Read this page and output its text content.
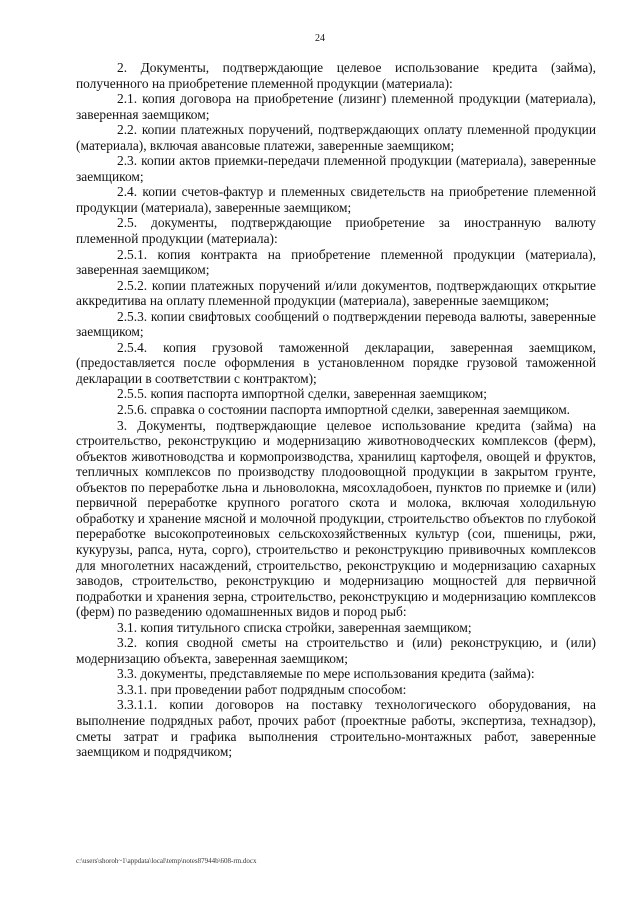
24

2. Документы, подтверждающие целевое использование кредита (займа), полученного на приобретение племенной продукции (материала):

2.1. копия договора на приобретение (лизинг) племенной продукции (материала), заверенная заемщиком;

2.2. копии платежных поручений, подтверждающих оплату племенной продукции (материала), включая авансовые платежи, заверенные заемщиком;

2.3. копии актов приемки-передачи племенной продукции (материала), заверенные заемщиком;

2.4. копии счетов-фактур и племенных свидетельств на приобретение племенной продукции (материала), заверенные заемщиком;

2.5. документы, подтверждающие приобретение за иностранную валюту племенной продукции (материала):

2.5.1. копия контракта на приобретение племенной продукции (материала), заверенная заемщиком;

2.5.2. копии платежных поручений и/или документов, подтверждающих открытие аккредитива на оплату племенной продукции (материала), заверенные заемщиком;

2.5.3. копии свифтовых сообщений о подтверждении перевода валюты, заверенные заемщиком;

2.5.4. копия грузовой таможенной декларации, заверенная заемщиком, (предоставляется после оформления в установленном порядке грузовой таможенной декларации в соответствии с контрактом);

2.5.5. копия паспорта импортной сделки, заверенная заемщиком;

2.5.6. справка о состоянии паспорта импортной сделки, заверенная заемщиком.

3. Документы, подтверждающие целевое использование кредита (займа) на строительство, реконструкцию и модернизацию животноводческих комплексов (ферм), объектов животноводства и кормопроизводства, хранилищ картофеля, овощей и фруктов, тепличных комплексов по производству плодоовощной продукции в закрытом грунте, объектов по переработке льна и льноволокна, мясохладобоен, пунктов по приемке и (или) первичной переработке крупного рогатого скота и молока, включая холодильную обработку и хранение мясной и молочной продукции, строительство объектов по глубокой переработке высокопротеиновых сельскохозяйственных культур (сои, пшеницы, ржи, кукурузы, рапса, нута, сорго), строительство и реконструкцию прививочных комплексов для многолетних насаждений, строительство, реконструкцию и модернизацию сахарных заводов, строительство, реконструкцию и модернизацию мощностей для первичной подработки и хранения зерна, строительство, реконструкцию и модернизацию комплексов (ферм) по разведению одомашненных видов и пород рыб:

3.1. копия титульного списка стройки, заверенная заемщиком;

3.2. копия сводной сметы на строительство и (или) реконструкцию, и (или) модернизацию объекта, заверенная заемщиком;

3.3. документы, представляемые по мере использования кредита (займа):

3.3.1. при проведении работ подрядным способом:

3.3.1.1. копии договоров на поставку технологического оборудования, на выполнение подрядных работ, прочих работ (проектные работы, экспертиза, технадзор), сметы затрат и графика выполнения строительно-монтажных работ, заверенные заемщиком и подрядчиком;

c:\users\shoroh~1\appdata\local\temp\notes87944b\608-rm.docx
